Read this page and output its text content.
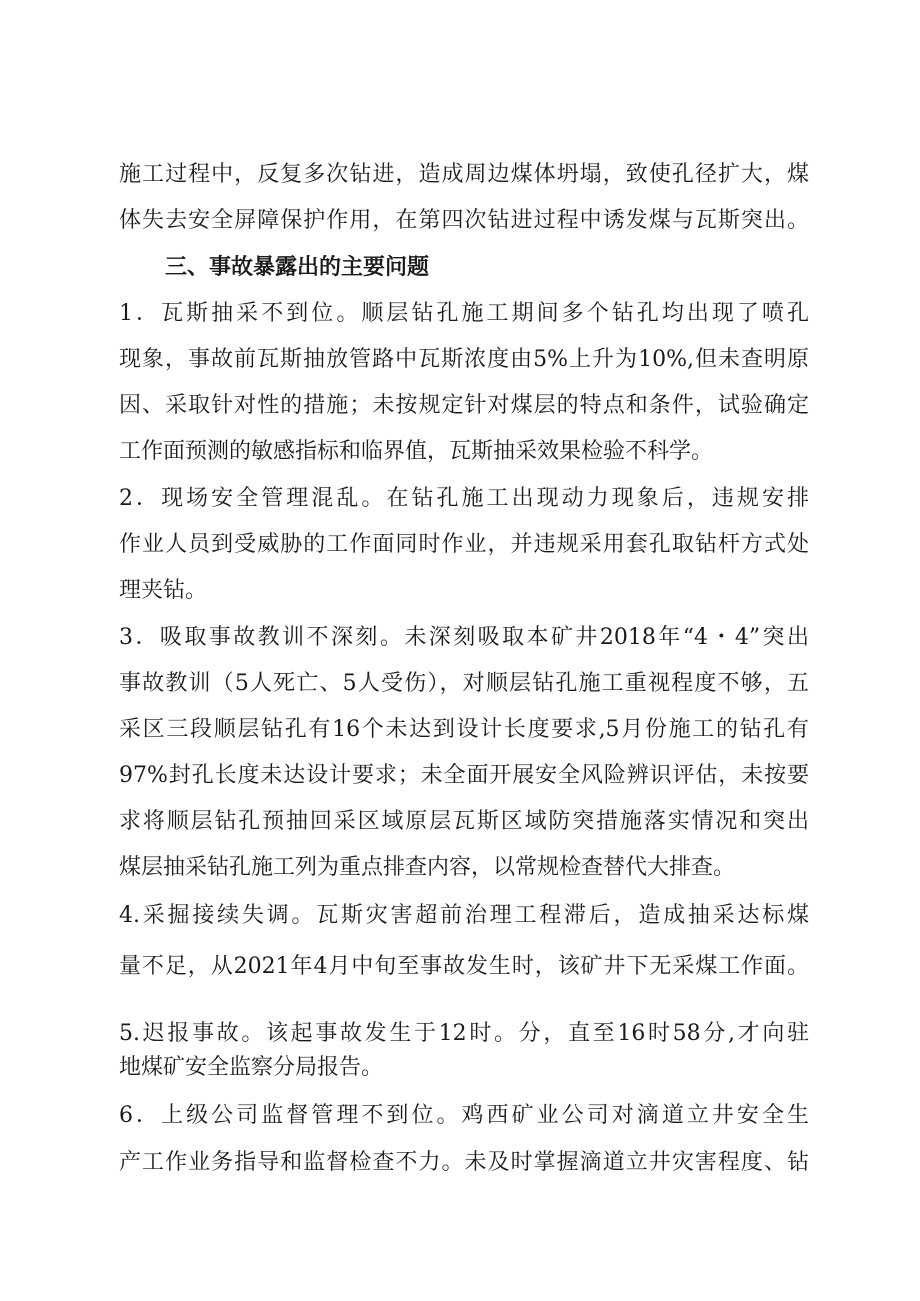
施工过程中，反复多次钻进，造成周边煤体坍塌，致使孔径扩大，煤
体失去安全屏障保护作用，在第四次钻进过程中诱发煤与瓦斯突出。
三、事故暴露出的主要问题
1．瓦斯抽采不到位。顺层钻孔施工期间多个钻孔均出现了喷孔
现象，事故前瓦斯抽放管路中瓦斯浓度由5%上升为10%,但未查明原
因、采取针对性的措施；未按规定针对煤层的特点和条件，试验确定
工作面预测的敏感指标和临界值，瓦斯抽采效果检验不科学。
2．现场安全管理混乱。在钻孔施工出现动力现象后，违规安排
作业人员到受威胁的工作面同时作业，并违规采用套孔取钻杆方式处
理夹钻。
3．吸取事故教训不深刻。未深刻吸取本矿井2018年“4・4”突出
事故教训（5人死亡、5人受伤），对顺层钻孔施工重视程度不够，五
采区三段顺层钻孔有16个未达到设计长度要求,5月份施工的钻孔有
97%封孔长度未达设计要求；未全面开展安全风险辨识评估，未按要
求将顺层钻孔预抽回采区域原层瓦斯区域防突措施落实情况和突出
煤层抽采钻孔施工列为重点排查内容，以常规检查替代大排查。
4.采掘接续失调。瓦斯灾害超前治理工程滞后，造成抽采达标煤
量不足，从2021年4月中旬至事故发生时，该矿井下无采煤工作面。
5.迟报事故。该起事故发生于12时。分，直至16时58分,才向驻
地煤矿安全监察分局报告。
6．上级公司监督管理不到位。鸡西矿业公司对滴道立井安全生
产工作业务指导和监督检查不力。未及时掌握滴道立井灾害程度、钻
